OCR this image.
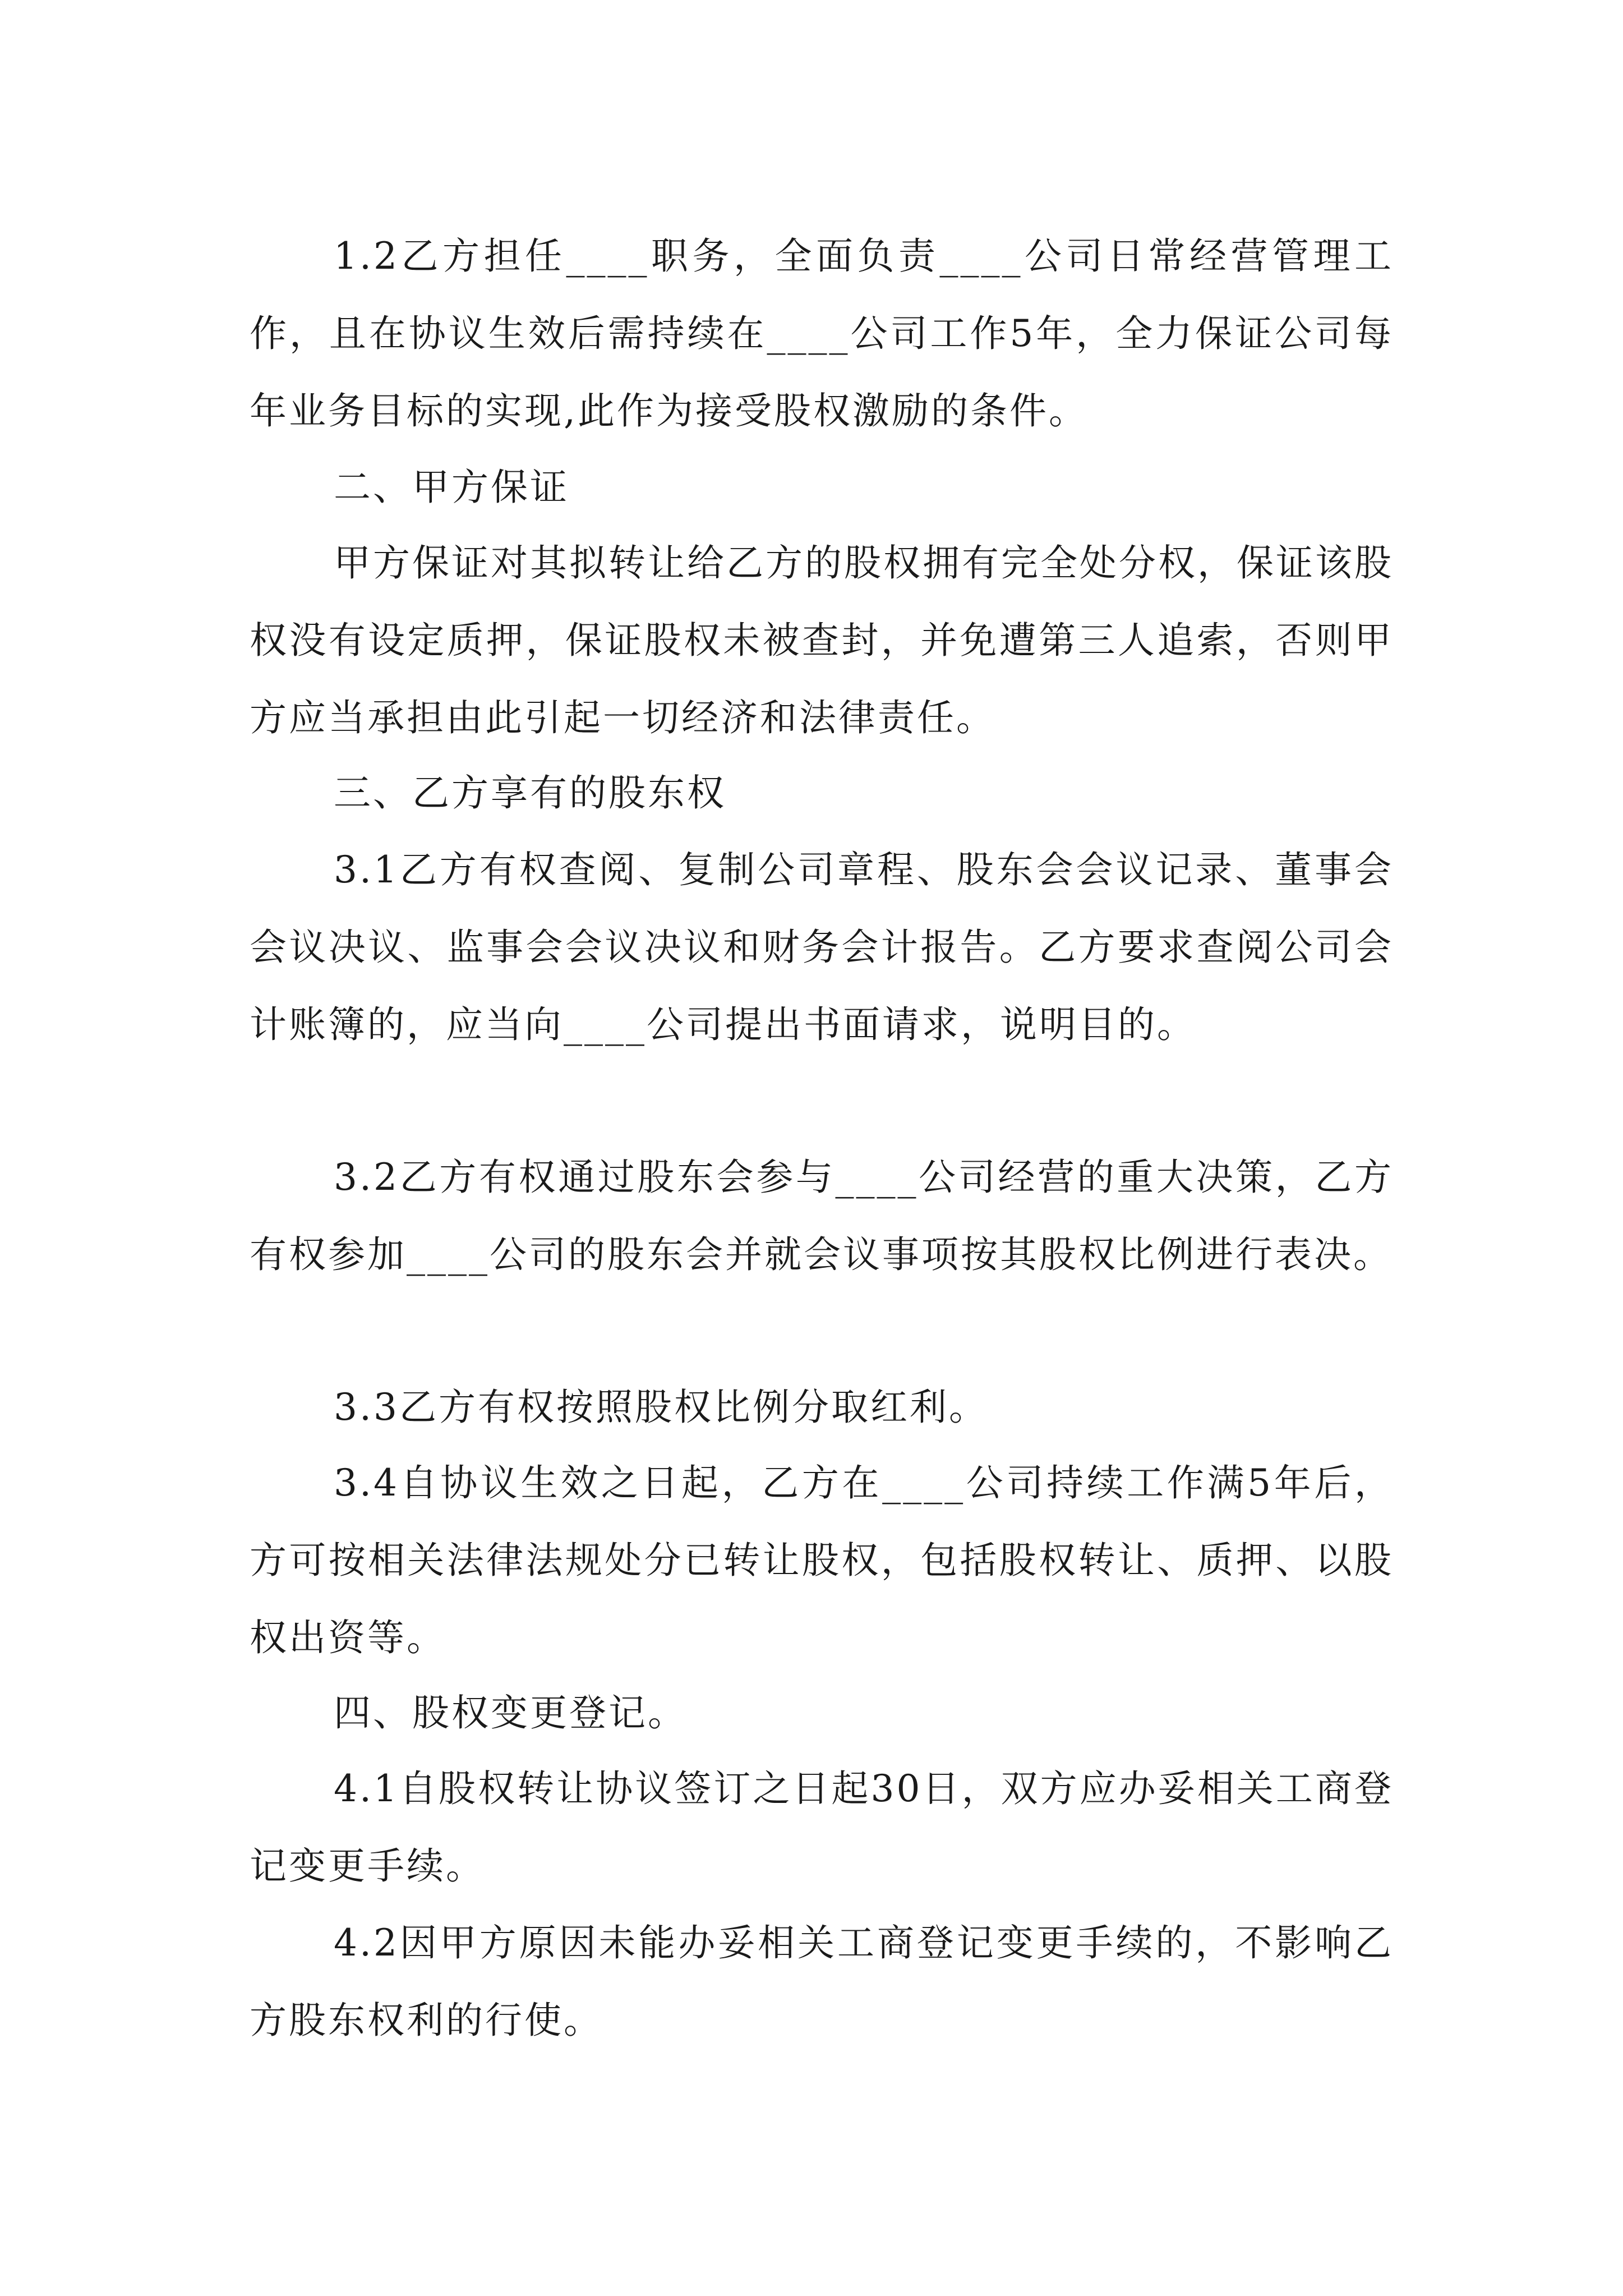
1.2乙方担任____职务，全面负责____公司日常经营管理工作，且在协议生效后需持续在____公司工作5年，全力保证公司每年业务目标的实现,此作为接受股权激励的条件。

二、甲方保证

甲方保证对其拟转让给乙方的股权拥有完全处分权，保证该股权没有设定质押，保证股权未被查封，并免遭第三人追索，否则甲方应当承担由此引起一切经济和法律责任。

三、乙方享有的股东权

3.1乙方有权查阅、复制公司章程、股东会会议记录、董事会会议决议、监事会会议决议和财务会计报告。乙方要求查阅公司会计账簿的，应当向____公司提出书面请求，说明目的。

3.2乙方有权通过股东会参与____公司经营的重大决策，乙方有权参加____公司的股东会并就会议事项按其股权比例进行表决。

3.3乙方有权按照股权比例分取红利。

3.4自协议生效之日起，乙方在____公司持续工作满5年后，方可按相关法律法规处分已转让股权，包括股权转让、质押、以股权出资等。

四、股权变更登记。

4.1自股权转让协议签订之日起30日，双方应办妥相关工商登记变更手续。

4.2因甲方原因未能办妥相关工商登记变更手续的，不影响乙方股东权利的行使。
